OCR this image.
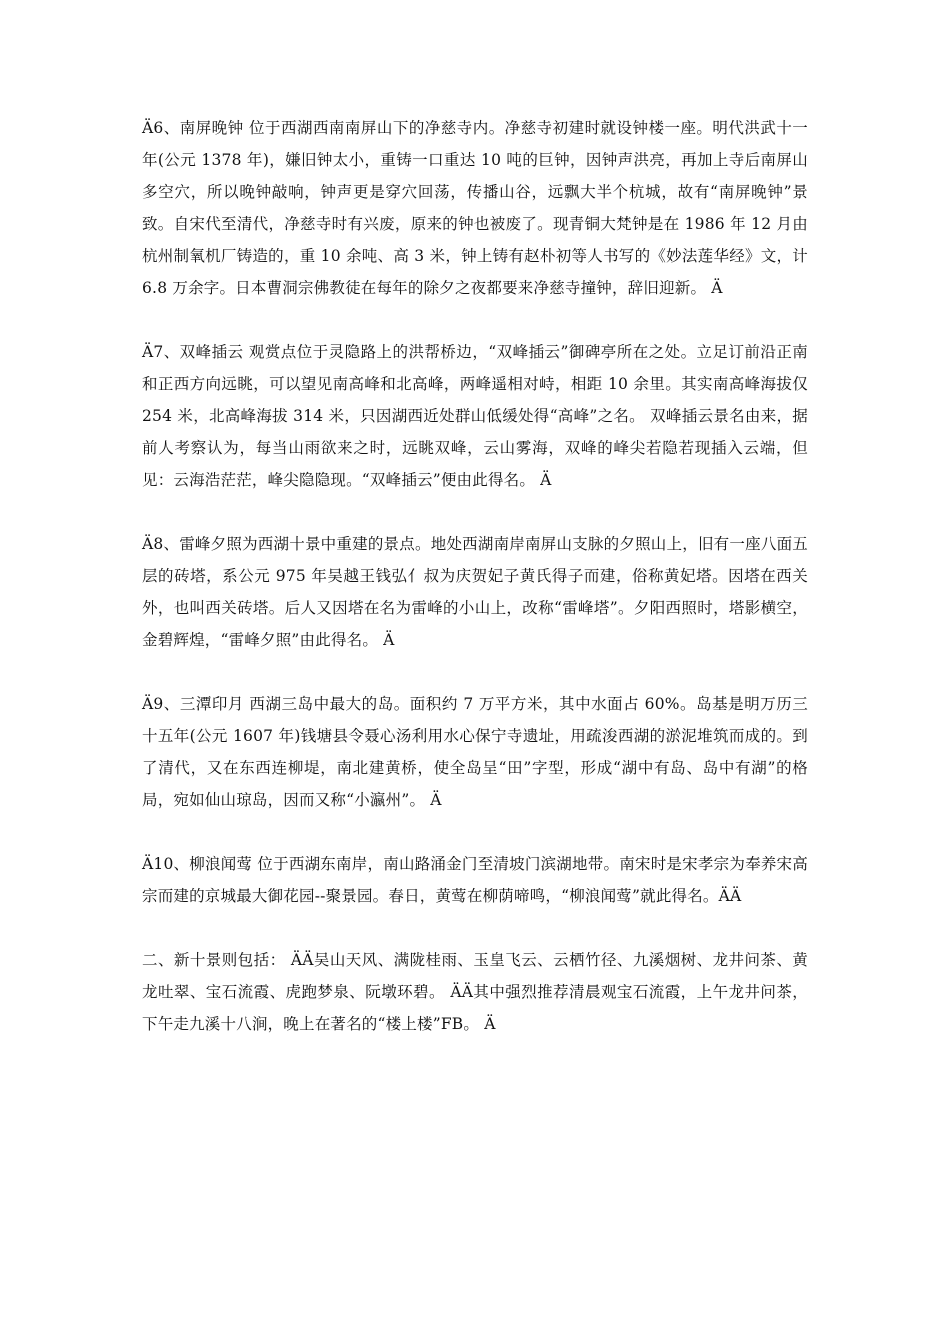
Ä6、南屏晚钟 位于西湖西南南屏山下的净慈寺内。净慈寺初建时就设钟楼一座。明代洪武十一年(公元 1378 年)，嫌旧钟太小，重铸一口重达 10 吨的巨钟，因钟声洪亮，再加上寺后南屏山多空穴，所以晚钟敲响，钟声更是穿穴回荡，传播山谷，远飘大半个杭城，故有“南屏晚钟”景致。自宋代至清代，净慈寺时有兴废，原来的钟也被废了。现青铜大梵钟是在 1986 年 12 月由杭州制氧机厂铸造的，重 10 余吨、高 3 米，钟上铸有赵朴初等人书写的《妙法莲华经》文，计 6.8 万余字。日本曹洞宗佛教徒在每年的除夕之夜都要来净慈寺撞钟，辞旧迎新。 Ä

Ä7、双峰插云 观赏点位于灵隐路上的洪帮桥边，“双峰插云”御碑亭所在之处。立足订前沿正南和正西方向远眺，可以望见南高峰和北高峰，两峰遥相对峙，相距 10 余里。其实南高峰海拔仅 254 米，北高峰海拔 314 米，只因湖西近处群山低缓处得“高峰”之名。 双峰插云景名由来，据前人考察认为，每当山雨欲来之时，远眺双峰，云山雾海，双峰的峰尖若隐若现插入云端，但见：云海浩茫茫，峰尖隐隐现。“双峰插云”便由此得名。 Ä

Ä8、雷峰夕照为西湖十景中重建的景点。地处西湖南岸南屏山支脉的夕照山上，旧有一座八面五层的砖塔，系公元 975 年吴越王钱弘亻叔为庆贺妃子黄氏得子而建，俗称黄妃塔。因塔在西关外，也叫西关砖塔。后人又因塔在名为雷峰的小山上，改称“雷峰塔”。夕阳西照时，塔影横空，金碧辉煌，“雷峰夕照”由此得名。 Ä

Ä9、三潭印月 西湖三岛中最大的岛。面积约 7 万平方米，其中水面占 60%。岛基是明万历三十五年(公元 1607 年)钱塘县令聂心汤利用水心保宁寺遗址，用疏浚西湖的淤泥堆筑而成的。到了清代，又在东西连柳堤，南北建黄桥，使全岛呈“田”字型，形成“湖中有岛、岛中有湖”的格局，宛如仙山琼岛，因而又称“小瀛州”。 Ä

Ä10、柳浪闻莺 位于西湖东南岸，南山路涌金门至清坡门滨湖地带。南宋时是宋孝宗为奉养宋高宗而建的京城最大御花园--聚景园。春日，黄莺在柳荫啼鸣，“柳浪闻莺”就此得名。ÄÄ

二、新十景则包括： ÄÄ吴山天风、满陇桂雨、玉皇飞云、云栖竹径、九溪烟树、龙井问茶、黄龙吐翠、宝石流霞、虎跑梦泉、阮墩环碧。 ÄÄ其中强烈推荐清晨观宝石流霞，上午龙井问茶，下午走九溪十八涧，晚上在著名的“楼上楼”FB。 Ä
